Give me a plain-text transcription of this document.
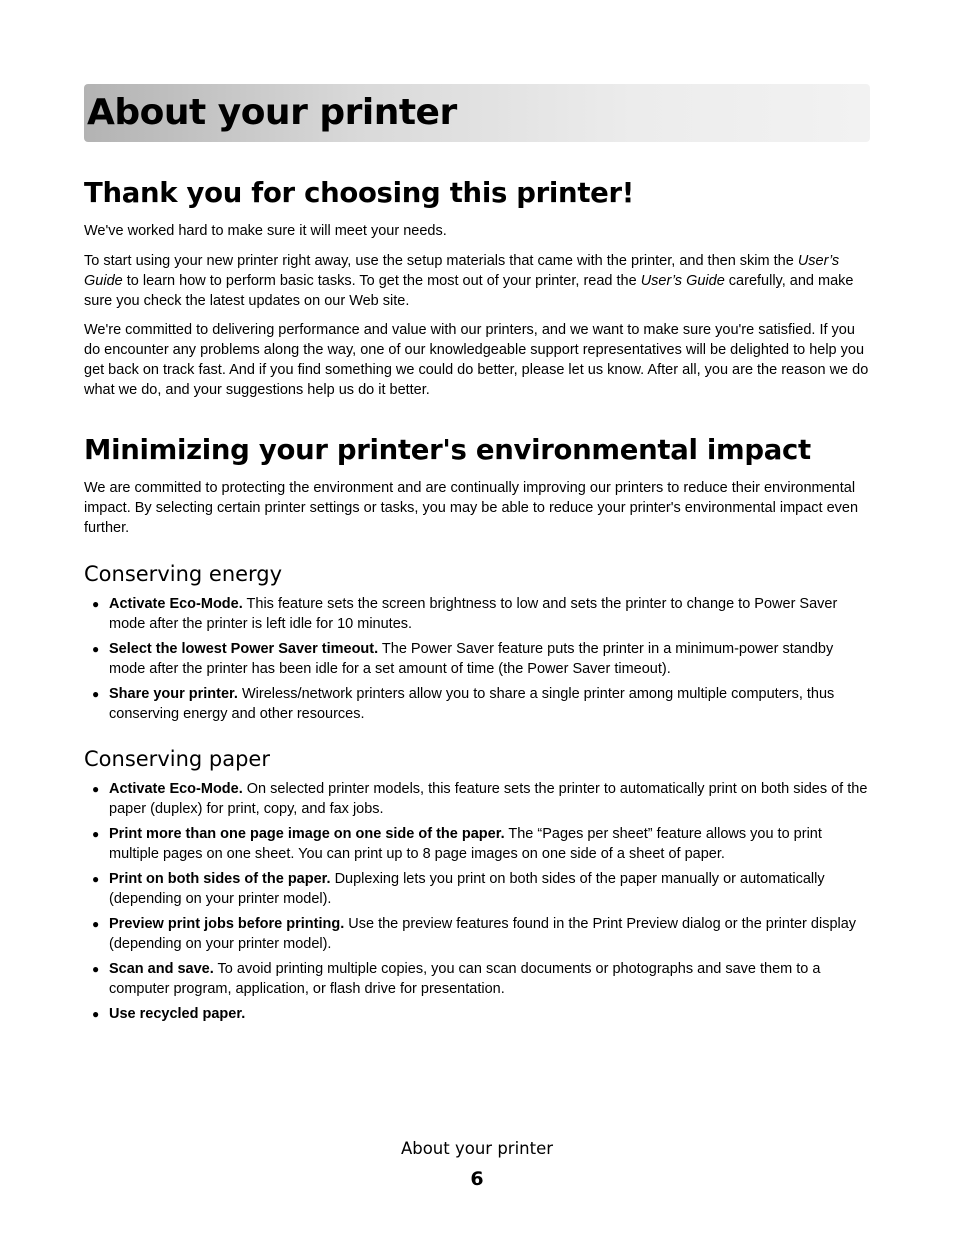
About your printer
Thank you for choosing this printer!

We've worked hard to make sure it will meet your needs.

To start using your new printer right away, use the setup materials that came with the printer, and then skim the User’s Guide to learn how to perform basic tasks. To get the most out of your printer, read the User’s Guide carefully, and make sure you check the latest updates on our Web site.

We're committed to delivering performance and value with our printers, and we want to make sure you're satisfied. If you do encounter any problems along the way, one of our knowledgeable support representatives will be delighted to help you get back on track fast. And if you find something we could do better, please let us know. After all, you are the reason we do what we do, and your suggestions help us do it better.

Minimizing your printer's environmental impact

We are committed to protecting the environment and are continually improving our printers to reduce their environmental impact. By selecting certain printer settings or tasks, you may be able to reduce your printer's environmental impact even further.

Conserving energy
● Activate Eco-Mode. This feature sets the screen brightness to low and sets the printer to change to Power Saver mode after the printer is left idle for 10 minutes.
● Select the lowest Power Saver timeout. The Power Saver feature puts the printer in a minimum-power standby mode after the printer has been idle for a set amount of time (the Power Saver timeout).
● Share your printer. Wireless/network printers allow you to share a single printer among multiple computers, thus conserving energy and other resources.
Conserving paper
● Activate Eco-Mode. On selected printer models, this feature sets the printer to automatically print on both sides of the paper (duplex) for print, copy, and fax jobs.
● Print more than one page image on one side of the paper. The “Pages per sheet” feature allows you to print multiple pages on one sheet. You can print up to 8 page images on one side of a sheet of paper.
● Print on both sides of the paper. Duplexing lets you print on both sides of the paper manually or automatically (depending on your printer model).
● Preview print jobs before printing. Use the preview features found in the Print Preview dialog or the printer display (depending on your printer model).
● Scan and save. To avoid printing multiple copies, you can scan documents or photographs and save them to a computer program, application, or flash drive for presentation.
● Use recycled paper.
About your printer
6
